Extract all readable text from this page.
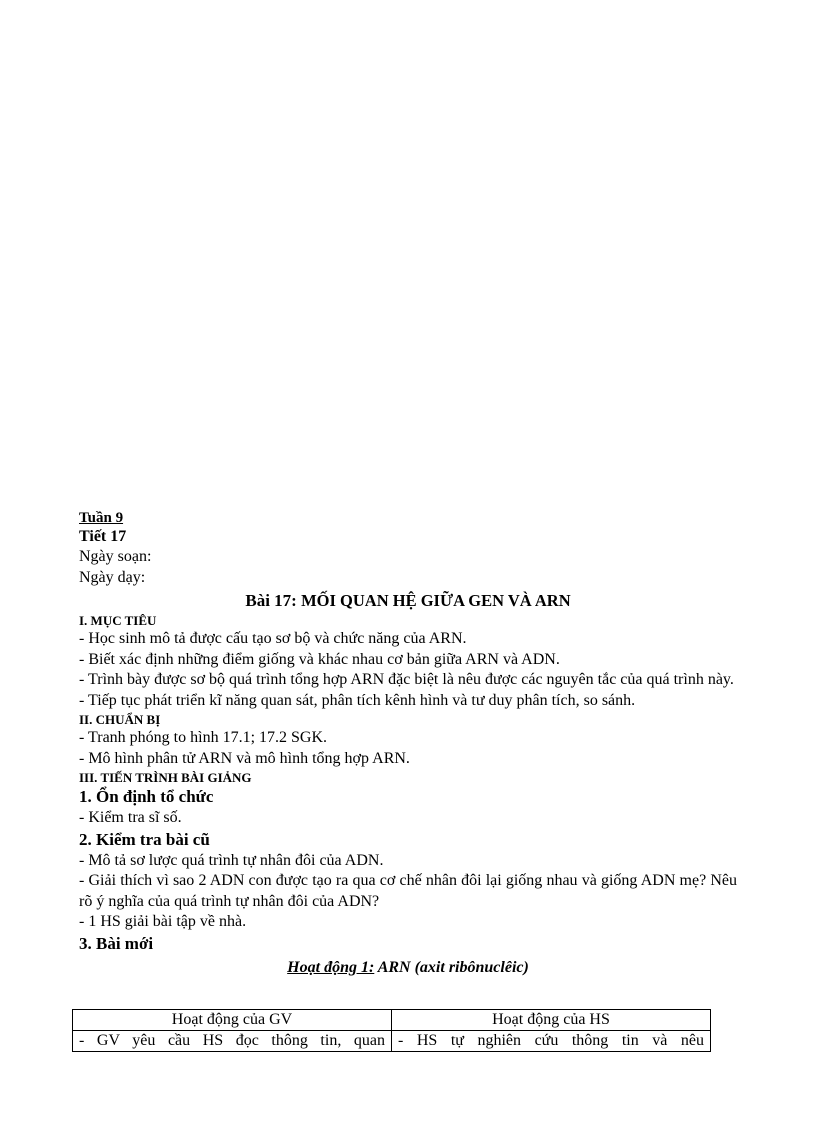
Tuần 9
Tiết 17

Ngày soạn:

Ngày dạy:

Bài 17: MỐI QUAN HỆ GIỮA GEN VÀ ARN

I. MỤC TIÊU

- Học sinh mô tả được cấu tạo sơ bộ và chức năng của ARN.

- Biết xác định những điểm giống và khác nhau cơ bản giữa ARN và ADN.

- Trình bày được sơ bộ quá trình tổng hợp ARN đặc biệt là nêu được các nguyên tắc của quá trình này.

- Tiếp tục phát triển kĩ năng quan sát, phân tích kênh hình và tư duy phân tích, so sánh.

II. CHUẨN BỊ

- Tranh phóng to hình 17.1; 17.2 SGK.

- Mô hình phân tử ARN và mô hình tổng hợp ARN.

III. TIẾN TRÌNH BÀI GIẢNG

1. Ổn định tổ chức

- Kiểm tra sĩ số.

2. Kiểm tra bài cũ

- Mô tả sơ lược quá trình tự nhân đôi của ADN.

- Giải thích vì sao 2 ADN con được tạo ra qua cơ chế nhân đôi lại giống nhau và giống ADN mẹ? Nêu rõ ý nghĩa của quá trình tự nhân đôi của ADN?

- 1 HS giải bài tập về nhà.

3. Bài mới

Hoạt động 1: ARN (axit ribônuclêic)

Hoạt động của GV	Hoạt động của HS
- GV yêu cầu HS đọc thông tin, quan	- HS tự nghiên cứu thông tin và nêu
